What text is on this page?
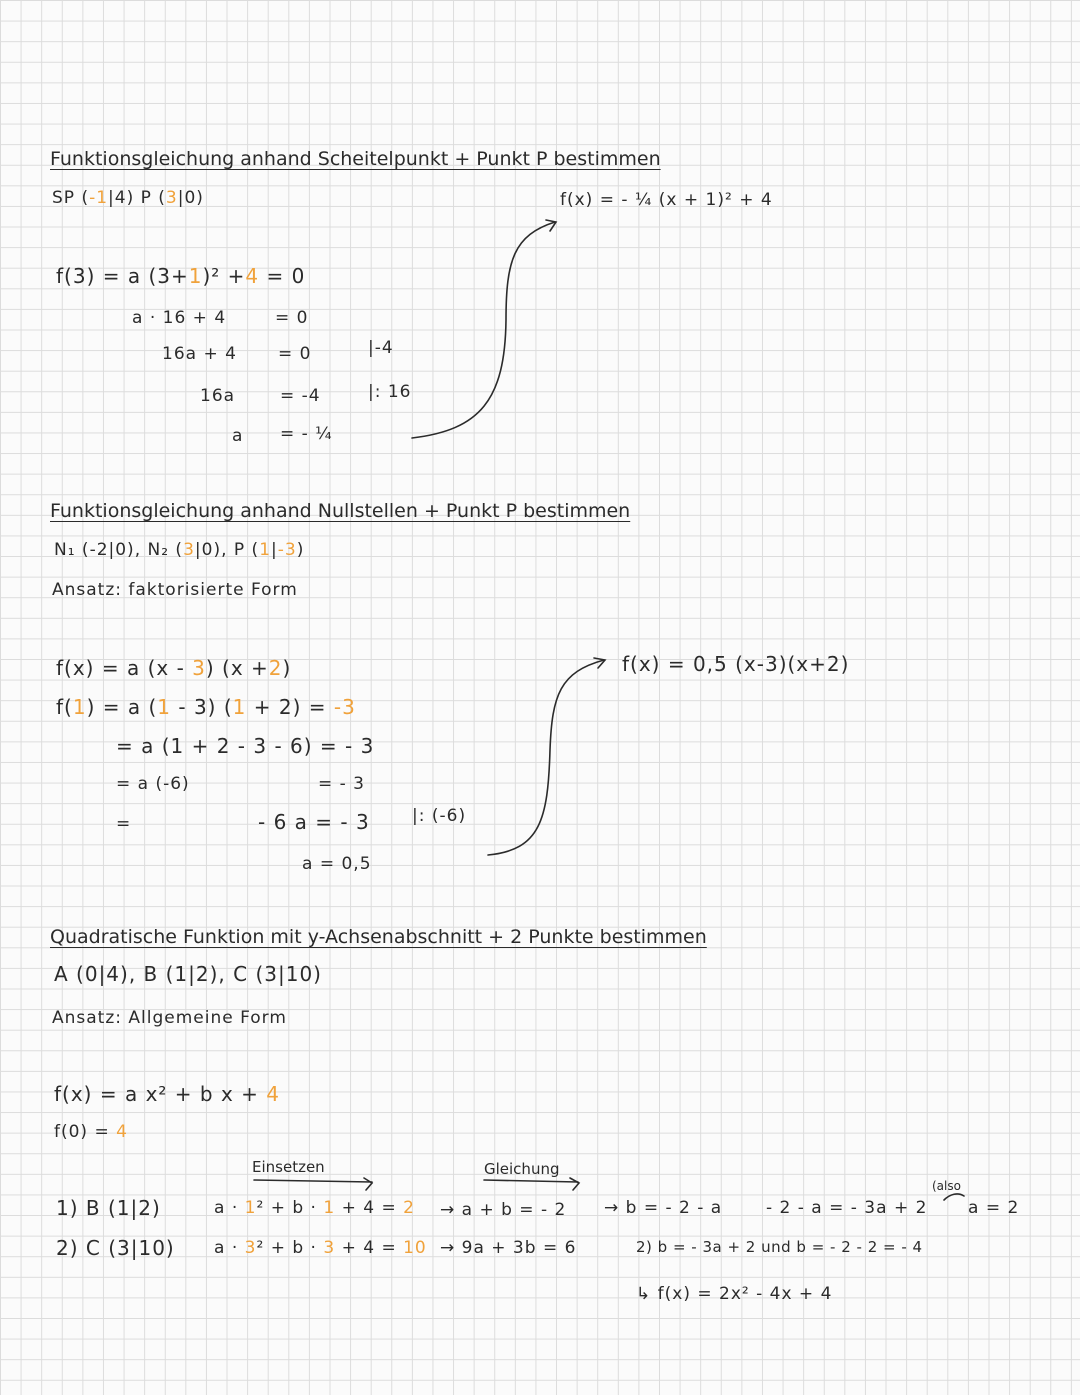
Funktionsgleichung anhand Scheitelpunkt + Punkt P bestimmen
SP (-1|4) P (3|0)	f(x) = - ¼ (x + 1)² + 4
f(3) = a (3+1)² +4 = 0
a · 16 + 4	= 0
16a + 4 = 0	|-4
16a	= -4	|: 16
a = - ¼
Funktionsgleichung anhand Nullstellen + Punkt P bestimmen
N₁ (-2|0), N₂ (3|0), P (1|-3)
Ansatz: faktorisierte Form
f(x) = 0,5 (x-3)(x+2)
f(x) = a (x - 3) (x +2)
f(1) = a (1 - 3) (1 + 2) = -3
= a (1 + 2 - 3 - 6) = - 3
= a (-6)	= - 3
=	- 6 a = - 3 |: (-6)
a = 0,5
Quadratische Funktion mit y-Achsenabschnitt + 2 Punkte bestimmen
A (0|4), B (1|2), C (3|10)
Ansatz: Allgemeine Form
f(x) = a x² + b x + 4
f(0) = 4
Einsetzen	Gleichung
1) B (1|2)	a · 1² + b · 1 + 4 = 2 → a + b = - 2 → b = - 2 - a	- 2 - a = - 3a + 2
(also
a = 2
2) C (3|10) a · 3² + b · 3 + 4 = 10 → 9a + 3b = 6	2) b = - 3a + 2 und b = - 2 - 2 = - 4
↳ f(x) = 2x² - 4x + 4
